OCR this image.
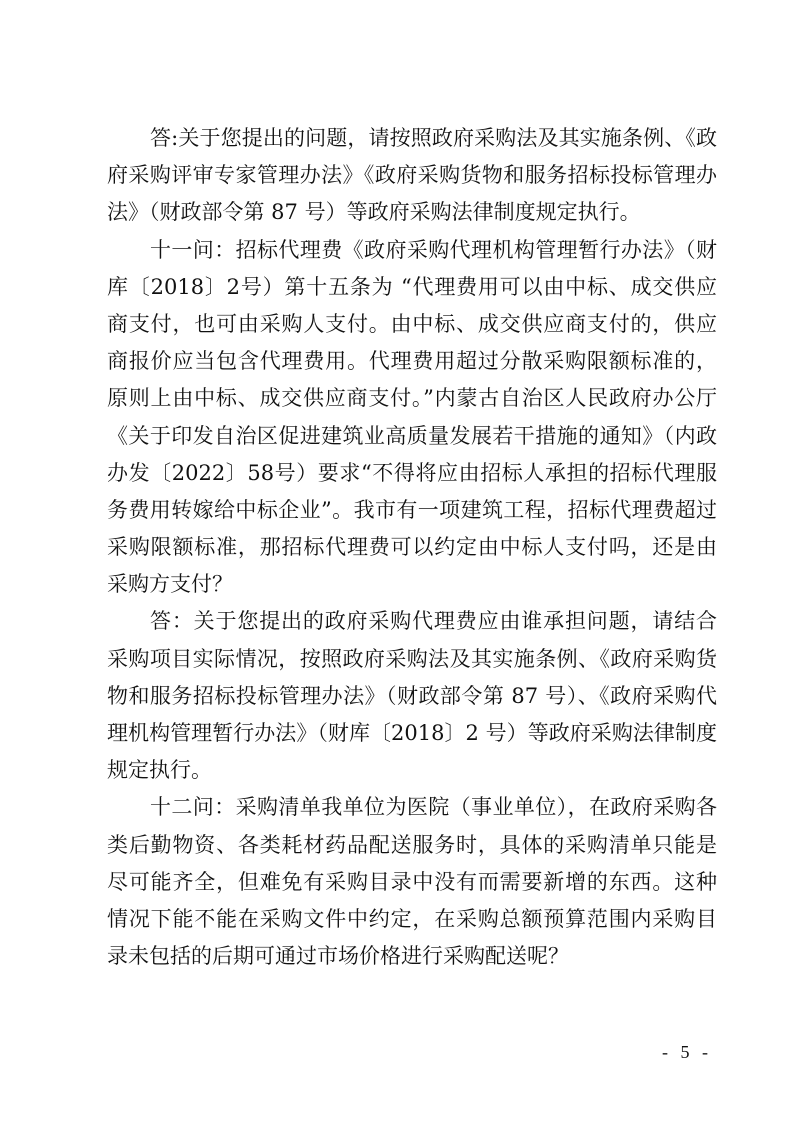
答:关于您提出的问题，请按照政府采购法及其实施条例、《政
府采购评审专家管理办法》《政府采购货物和服务招标投标管理办
法》（财政部令第 87 号）等政府采购法律制度规定执行。
十一问：招标代理费《政府采购代理机构管理暂行办法》（财
库〔2018〕2号）第十五条为 “代理费用可以由中标、成交供应
商支付，也可由采购人支付。由中标、成交供应商支付的，供应
商报价应当包含代理费用。代理费用超过分散采购限额标准的，
原则上由中标、成交供应商支付。”内蒙古自治区人民政府办公厅
《关于印发自治区促进建筑业高质量发展若干措施的通知》（内政
办发〔2022〕58号）要求“不得将应由招标人承担的招标代理服
务费用转嫁给中标企业”。我市有一项建筑工程，招标代理费超过
采购限额标准，那招标代理费可以约定由中标人支付吗，还是由
采购方支付？
答：关于您提出的政府采购代理费应由谁承担问题，请结合
采购项目实际情况，按照政府采购法及其实施条例、《政府采购货
物和服务招标投标管理办法》（财政部令第 87 号）、《政府采购代
理机构管理暂行办法》（财库〔2018〕2 号）等政府采购法律制度
规定执行。
十二问：采购清单我单位为医院（事业单位），在政府采购各
类后勤物资、各类耗材药品配送服务时，具体的采购清单只能是
尽可能齐全，但难免有采购目录中没有而需要新增的东西。这种
情况下能不能在采购文件中约定，在采购总额预算范围内采购目
录未包括的后期可通过市场价格进行采购配送呢？
- 5 -
